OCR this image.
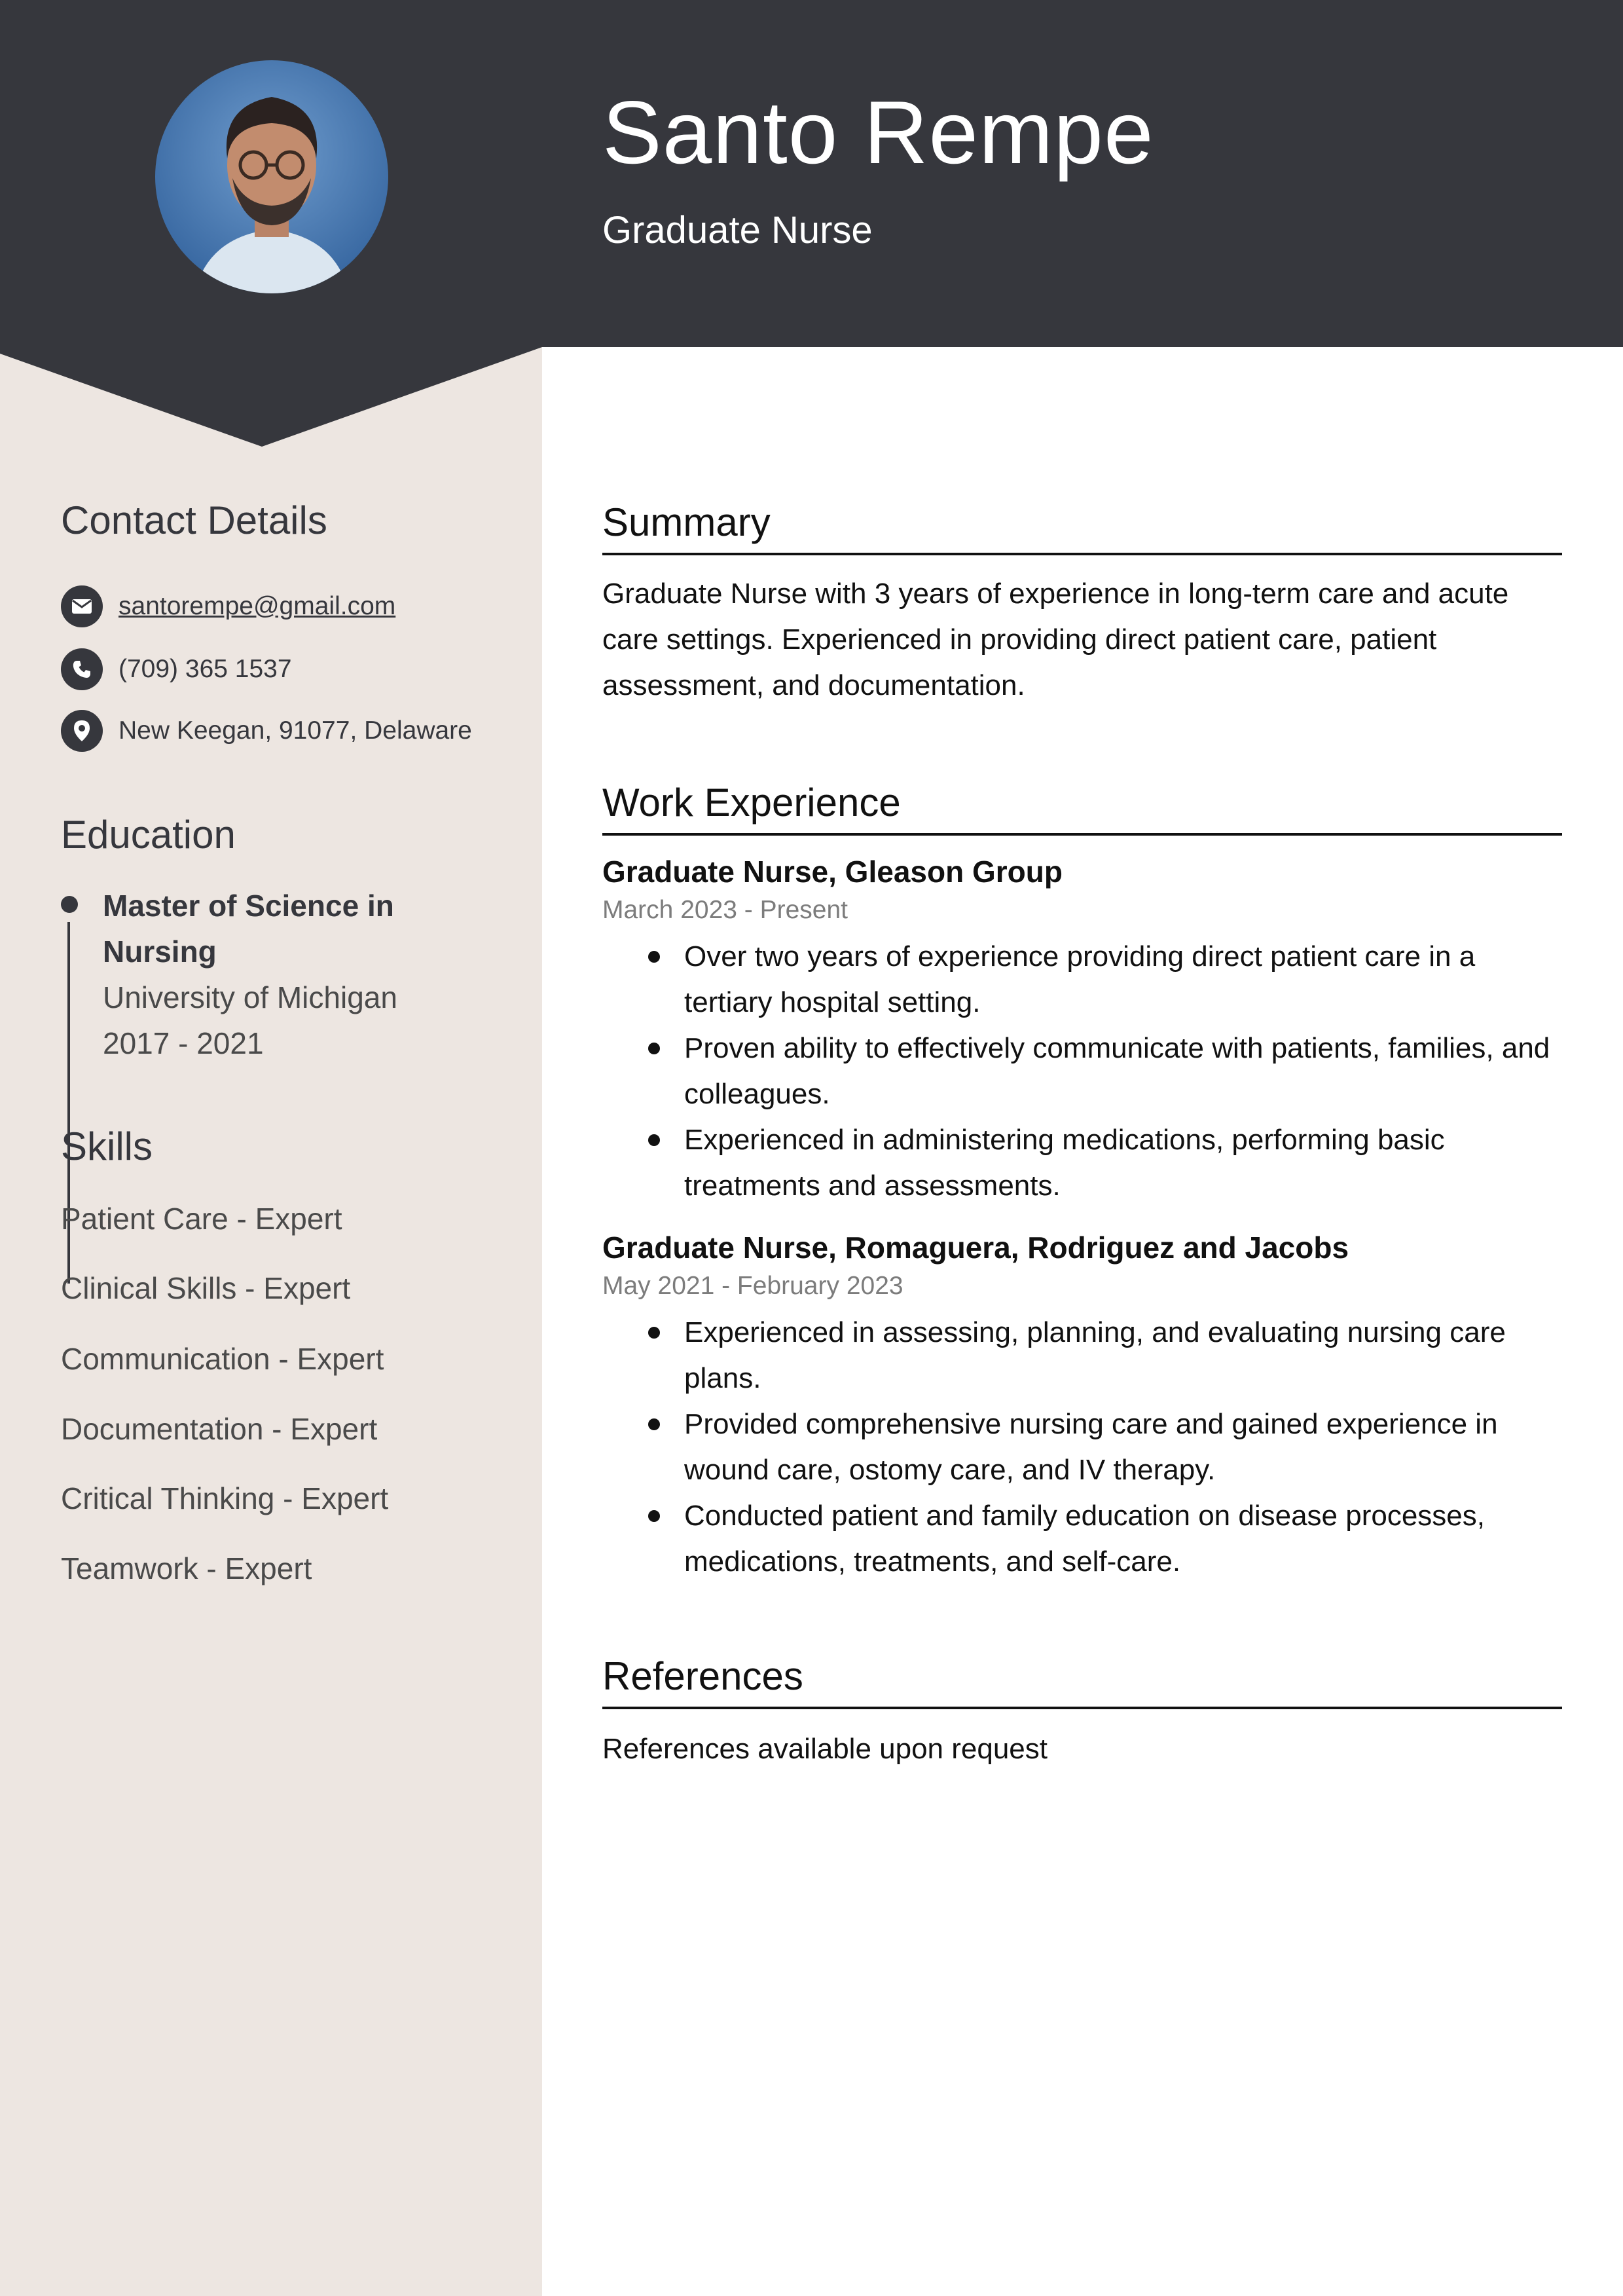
Santo Rempe
Graduate Nurse
Contact Details
santorempe@gmail.com
(709) 365 1537
New Keegan, 91077, Delaware
Education
Master of Science in Nursing
University of Michigan
2017 - 2021
Skills
Patient Care - Expert
Clinical Skills - Expert
Communication - Expert
Documentation - Expert
Critical Thinking - Expert
Teamwork - Expert
Summary
Graduate Nurse with 3 years of experience in long-term care and acute care settings. Experienced in providing direct patient care, patient assessment, and documentation.
Work Experience
Graduate Nurse, Gleason Group
March 2023 - Present
Over two years of experience providing direct patient care in a tertiary hospital setting.
Proven ability to effectively communicate with patients, families, and colleagues.
Experienced in administering medications, performing basic treatments and assessments.
Graduate Nurse, Romaguera, Rodriguez and Jacobs
May 2021 - February 2023
Experienced in assessing, planning, and evaluating nursing care plans.
Provided comprehensive nursing care and gained experience in wound care, ostomy care, and IV therapy.
Conducted patient and family education on disease processes, medications, treatments, and self-care.
References
References available upon request
